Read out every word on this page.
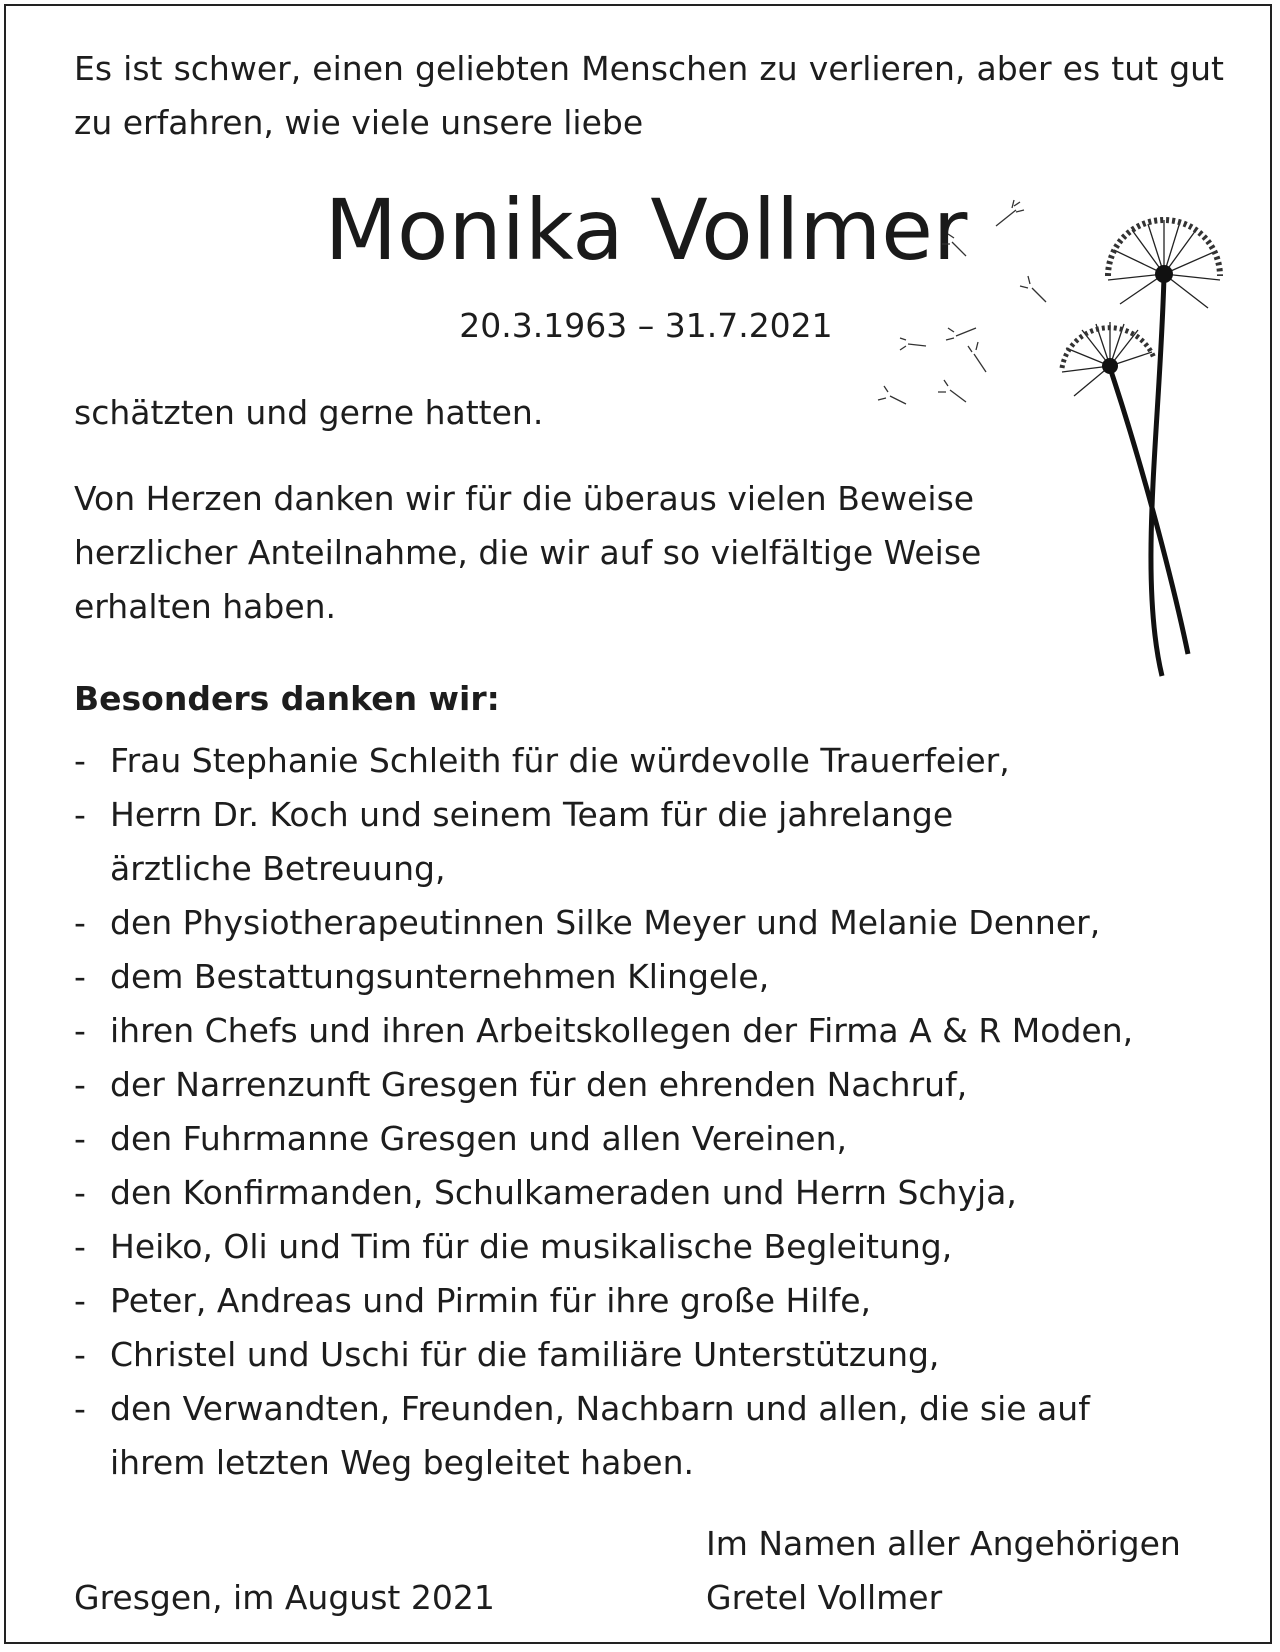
Es ist schwer, einen geliebten Menschen zu verlieren, aber es tut gut zu erfahren, wie viele unsere liebe
Monika Vollmer
20.3.1963 – 31.7.2021
schätzten und gerne hatten.
Von Herzen danken wir für die überaus vielen Beweise herzlicher Anteilnahme, die wir auf so vielfältige Weise erhalten haben.
Besonders danken wir:
- Frau Stephanie Schleith für die würdevolle Trauerfeier,
- Herrn Dr. Koch und seinem Team für die jahrelange ärztliche Betreuung,
- den Physiotherapeutinnen Silke Meyer und Melanie Denner,
- dem Bestattungsunternehmen Klingele,
- ihren Chefs und ihren Arbeitskollegen der Firma A & R Moden,
- der Narrenzunft Gresgen für den ehrenden Nachruf,
- den Fuhrmanne Gresgen und allen Vereinen,
- den Konfirmanden, Schulkameraden und Herrn Schyja,
- Heiko, Oli und Tim für die musikalische Begleitung,
- Peter, Andreas und Pirmin für ihre große Hilfe,
- Christel und Uschi für die familiäre Unterstützung,
- den Verwandten, Freunden, Nachbarn und allen, die sie auf ihrem letzten Weg begleitet haben.
Gresgen, im August 2021
Im Namen aller Angehörigen
Gretel Vollmer
